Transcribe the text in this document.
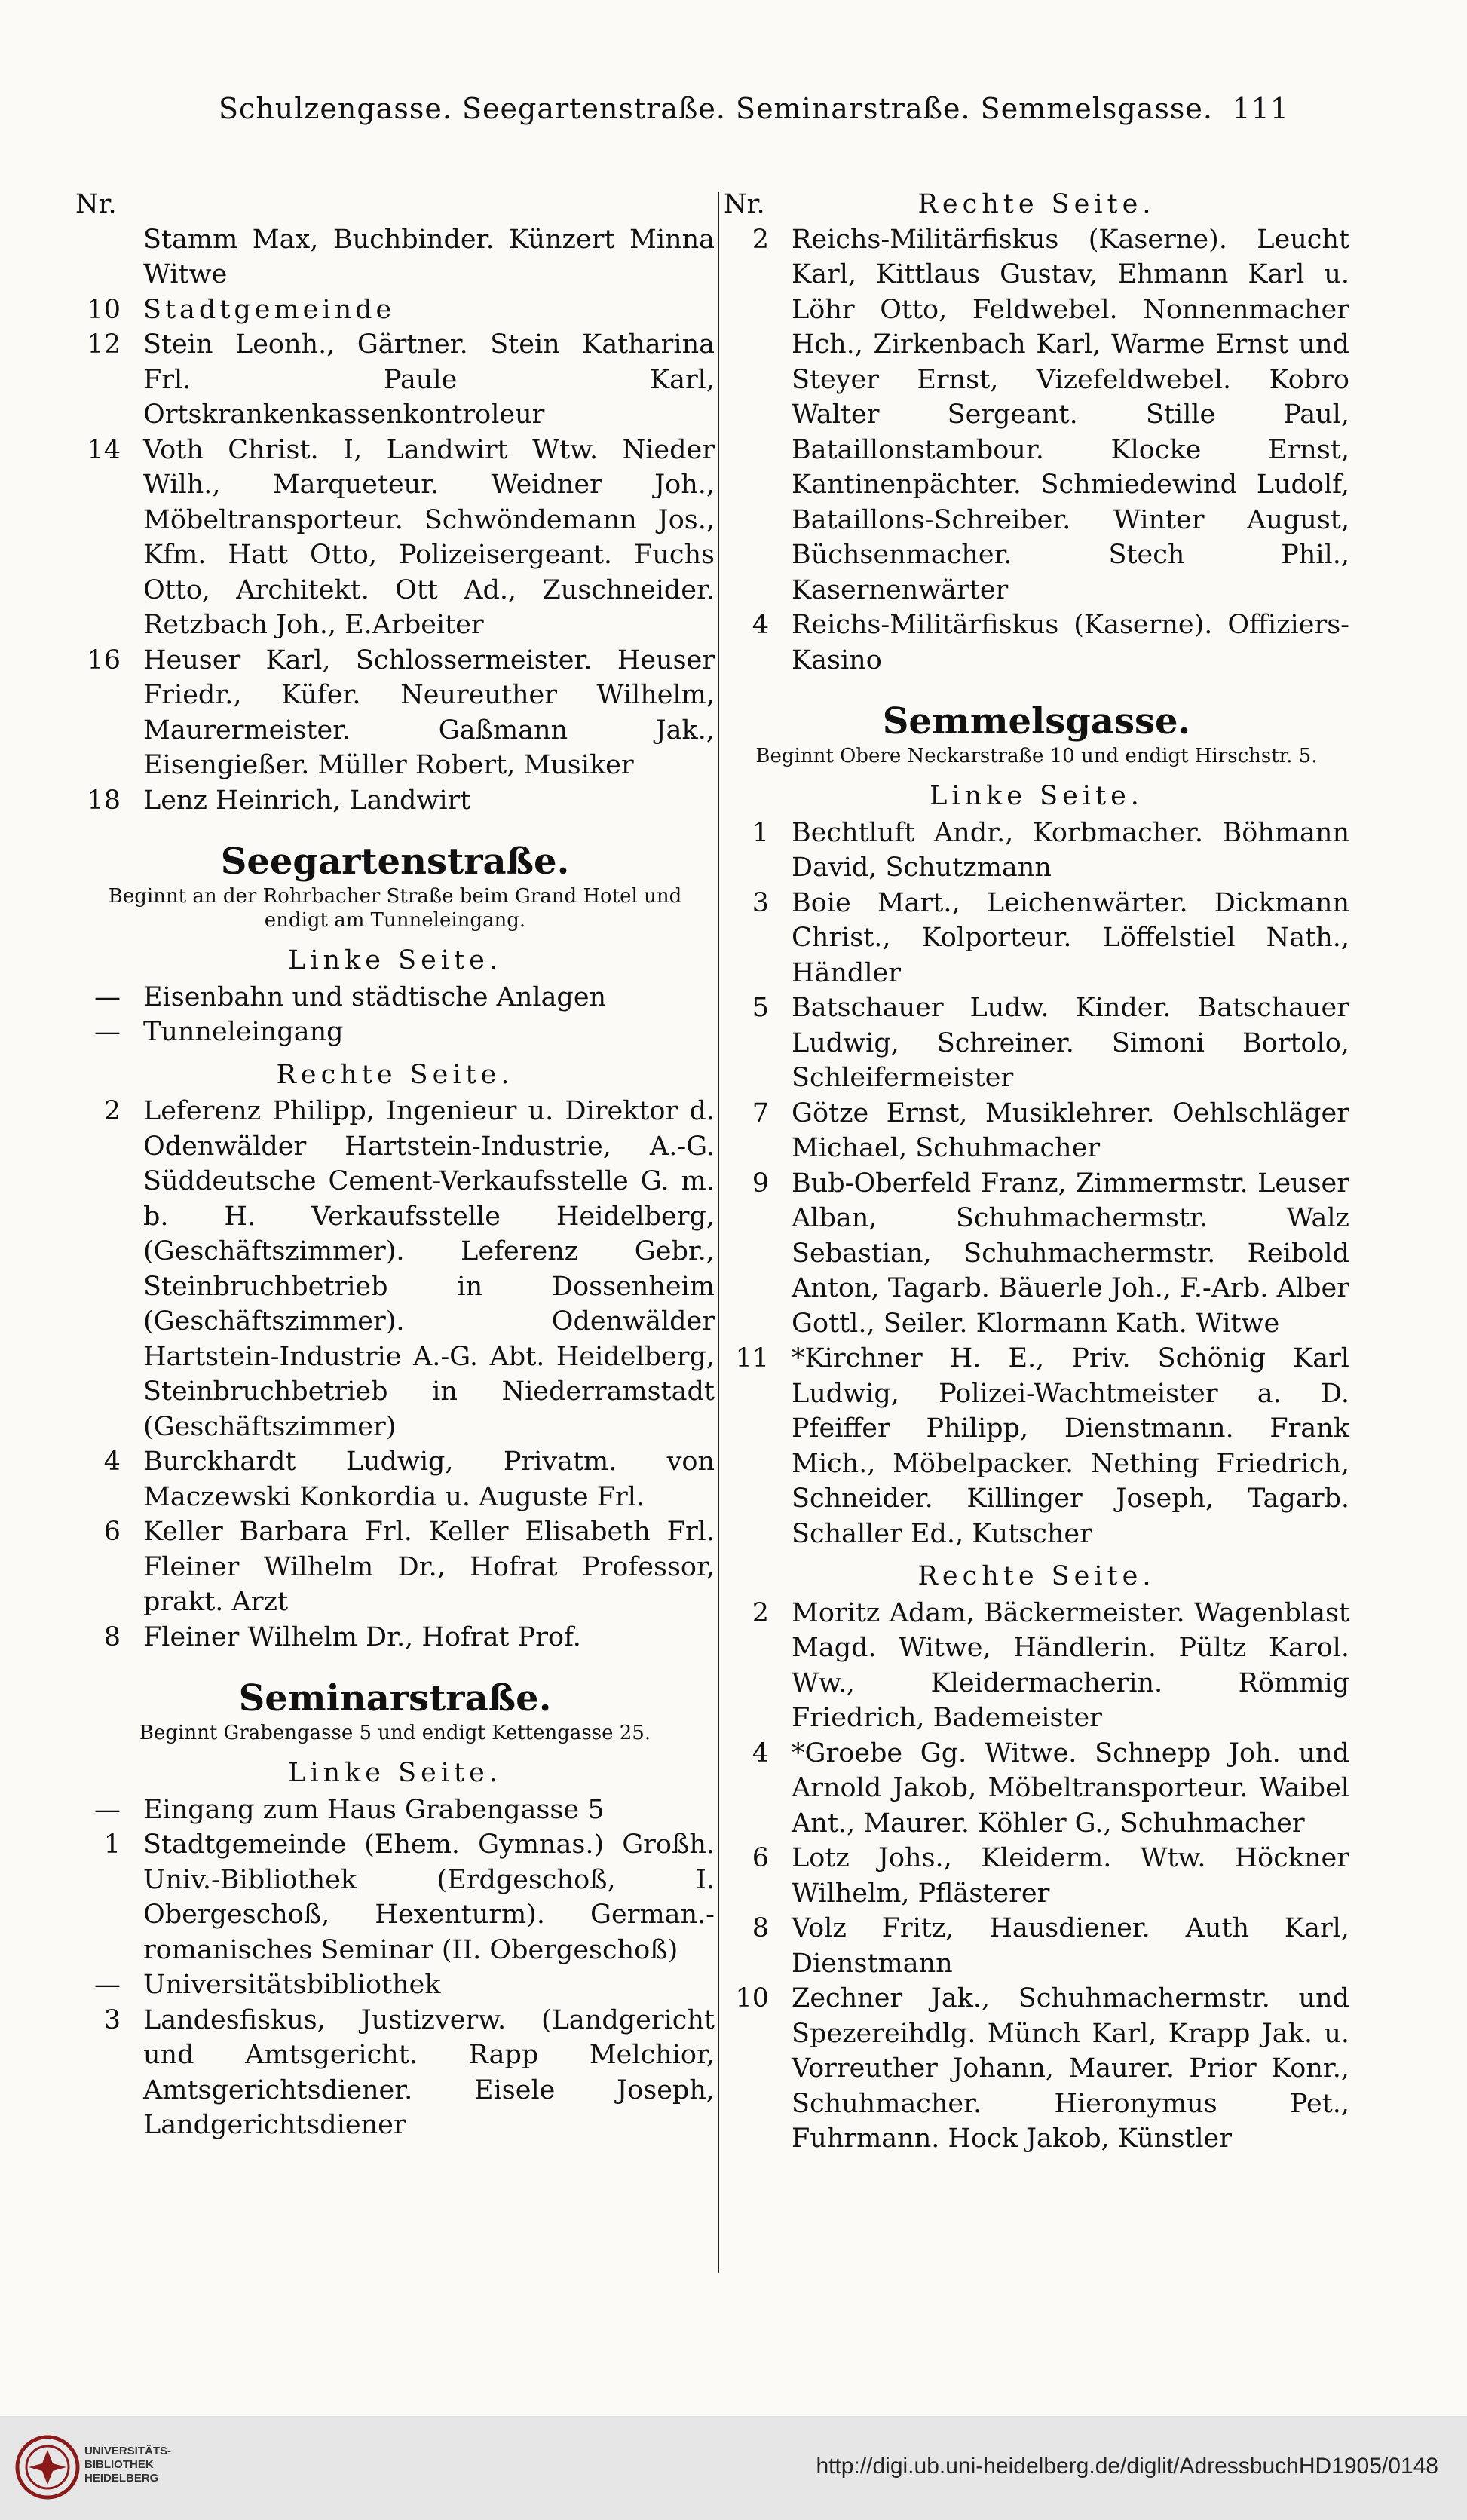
Schulzengasse. Seegartenstraße. Seminarstraße. Semmelsgasse. 111
Nr.
Stamm Max, Buchbinder. Künzert Minna Witwe
10 Stadtgemeinde
12 Stein Leonh., Gärtner. Stein Katharina Frl. Paule Karl, Ortskrankenkassenkontroleur
14 Voth Christ. I, Landwirt Wtw. Nieder Wilh., Marqueteur. Weidner Joh., Möbeltransporteur. Schwöndemann Jos., Kfm. Hatt Otto, Polizeisergeant. Fuchs Otto, Architekt. Ott Ad., Zuschneider. Retzbach Joh., E.Arbeiter
16 Heuser Karl, Schlossermeister. Heuser Friedr., Küfer. Neureuther Wilhelm, Maurermeister. Gaßmann Jak., Eisengießer. Müller Robert, Musiker
18 Lenz Heinrich, Landwirt
Seegartenstraße.
Beginnt an der Rohrbacher Straße beim Grand Hotel und endigt am Tunneleingang.
Linke Seite.
— Eisenbahn und städtische Anlagen
— Tunneleingang
Rechte Seite.
2 Leferenz Philipp, Ingenieur u. Direktor d. Odenwälder Hartstein-Industrie, A.-G. Süddeutsche Cement-Verkaufsstelle G. m. b. H. Verkaufsstelle Heidelberg, (Geschäftszimmer). Leferenz Gebr., Steinbruchbetrieb in Dossenheim (Geschäftszimmer). Odenwälder Hartstein-Industrie A.-G. Abt. Heidelberg, Steinbruchbetrieb in Niederramstadt (Geschäftszimmer)
4 Burckhardt Ludwig, Privatm. von Maczewski Konkordia u. Auguste Frl.
6 Keller Barbara Frl. Keller Elisabeth Frl. Fleiner Wilhelm Dr., Hofrat Professor, prakt. Arzt
8 Fleiner Wilhelm Dr., Hofrat Prof.
Seminarstraße.
Beginnt Grabengasse 5 und endigt Kettengasse 25.
Linke Seite.
— Eingang zum Haus Grabengasse 5
1 Stadtgemeinde (Ehem. Gymnas.) Großh. Univ.-Bibliothek (Erdgeschoß, I. Obergeschoß, Hexenturm). German.-romanisches Seminar (II. Obergeschoß)
— Universitätsbibliothek
3 Landesfiskus, Justizverw. (Landgericht und Amtsgericht. Rapp Melchior, Amtsgerichtsdiener. Eisele Joseph, Landgerichtsdiener
Nr.	Rechte Seite.
2 Reichs-Militärfiskus (Kaserne). Leucht Karl, Kittlaus Gustav, Ehmann Karl u. Löhr Otto, Feldwebel. Nonnenmacher Hch., Zirkenbach Karl, Warme Ernst und Steyer Ernst, Vizefeldwebel. Kobro Walter Sergeant. Stille Paul, Bataillonstambour. Klocke Ernst, Kantinenpächter. Schmiedewind Ludolf, Bataillons-Schreiber. Winter August, Büchsenmacher. Stech Phil., Kasernenwärter
4 Reichs-Militärfiskus (Kaserne). Offiziers-Kasino
Semmelsgasse.
Beginnt Obere Neckarstraße 10 und endigt Hirschstr. 5.
Linke Seite.
1 Bechtluft Andr., Korbmacher. Böhmann David, Schutzmann
3 Boie Mart., Leichenwärter. Dickmann Christ., Kolporteur. Löffelstiel Nath., Händler
5 Batschauer Ludw. Kinder. Batschauer Ludwig, Schreiner. Simoni Bortolo, Schleifermeister
7 Götze Ernst, Musiklehrer. Oehlschläger Michael, Schuhmacher
9 Bub-Oberfeld Franz, Zimmermstr. Leuser Alban, Schuhmachermstr. Walz Sebastian, Schuhmachermstr. Reibold Anton, Tagarb. Bäuerle Joh., F.-Arb. Alber Gottl., Seiler. Klormann Kath. Witwe
11 *Kirchner H. E., Priv. Schönig Karl Ludwig, Polizei-Wachtmeister a. D. Pfeiffer Philipp, Dienstmann. Frank Mich., Möbelpacker. Nething Friedrich, Schneider. Killinger Joseph, Tagarb. Schaller Ed., Kutscher
Rechte Seite.
2 Moritz Adam, Bäckermeister. Wagenblast Magd. Witwe, Händlerin. Pültz Karol. Ww., Kleidermacherin. Römmig Friedrich, Bademeister
4 *Groebe Gg. Witwe. Schnepp Joh. und Arnold Jakob, Möbeltransporteur. Waibel Ant., Maurer. Köhler G., Schuhmacher
6 Lotz Johs., Kleiderm. Wtw. Höckner Wilhelm, Pflästerer
8 Volz Fritz, Hausdiener. Auth Karl, Dienstmann
10 Zechner Jak., Schuhmachermstr. und Spezereihdlg. Münch Karl, Krapp Jak. u. Vorreuther Johann, Maurer. Prior Konr., Schuhmacher. Hieronymus Pet., Fuhrmann. Hock Jakob, Künstler
UNIVERSITÄTS-
BIBLIOTHEK
HEIDELBERG	http://digi.ub.uni-heidelberg.de/diglit/AdressbuchHD1905/0148
